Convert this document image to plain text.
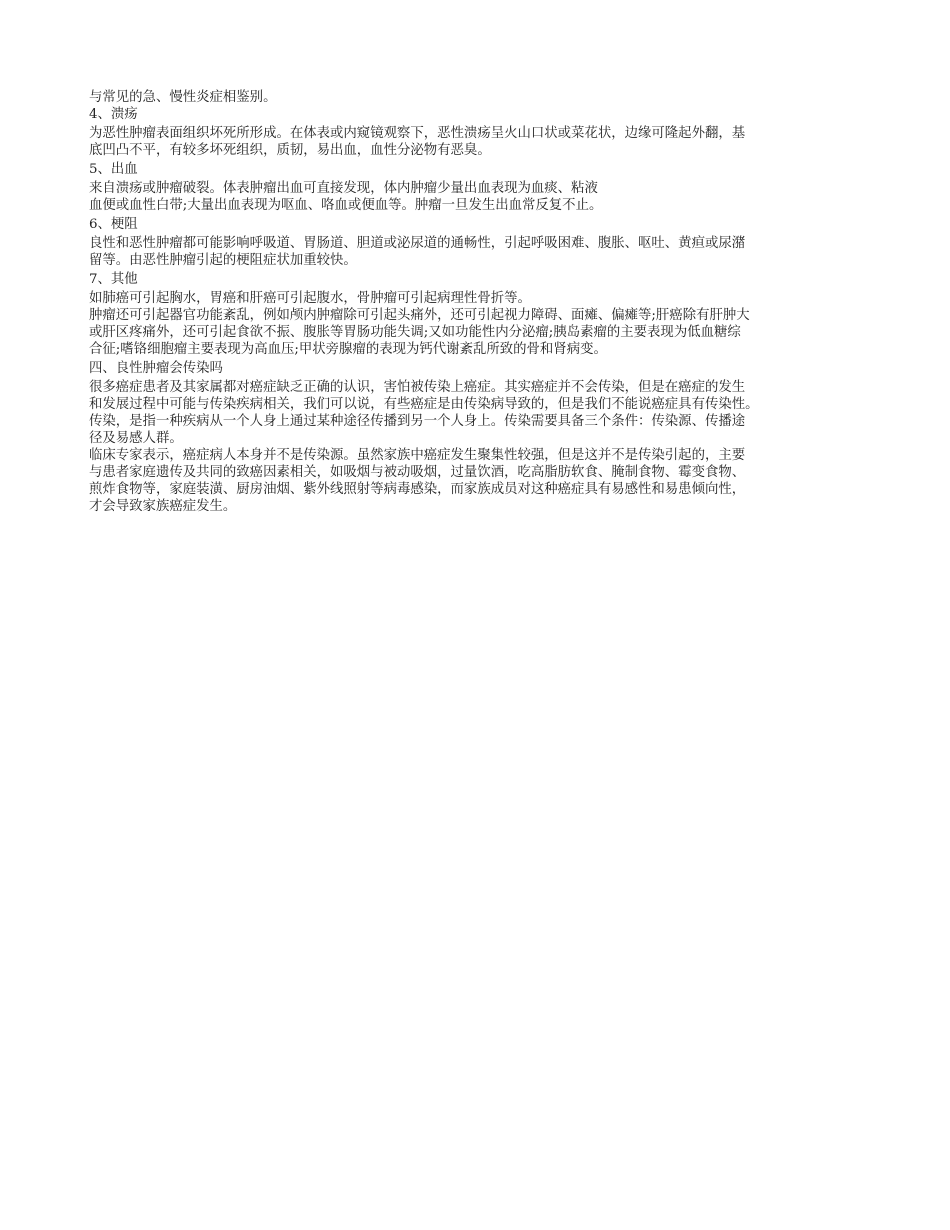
与常见的急、慢性炎症相鉴别。
4、溃疡
为恶性肿瘤表面组织坏死所形成。在体表或内窥镜观察下，恶性溃疡呈火山口状或菜花状，边缘可隆起外翻，基
底凹凸不平，有较多坏死组织，质韧，易出血，血性分泌物有恶臭。
5、出血
来自溃疡或肿瘤破裂。体表肿瘤出血可直接发现，体内肿瘤少量出血表现为血痰、粘液
血便或血性白带;大量出血表现为呕血、咯血或便血等。肿瘤一旦发生出血常反复不止。
6、梗阻
良性和恶性肿瘤都可能影响呼吸道、胃肠道、胆道或泌尿道的通畅性，引起呼吸困难、腹胀、呕吐、黄疸或尿潴
留等。由恶性肿瘤引起的梗阻症状加重较快。
7、其他
如肺癌可引起胸水，胃癌和肝癌可引起腹水，骨肿瘤可引起病理性骨折等。
肿瘤还可引起器官功能紊乱，例如颅内肿瘤除可引起头痛外，还可引起视力障碍、面瘫、偏瘫等;肝癌除有肝肿大
或肝区疼痛外，还可引起食欲不振、腹胀等胃肠功能失调;又如功能性内分泌瘤;胰岛素瘤的主要表现为低血糖综
合征;嗜铬细胞瘤主要表现为高血压;甲状旁腺瘤的表现为钙代谢紊乱所致的骨和肾病变。
四、良性肿瘤会传染吗
很多癌症患者及其家属都对癌症缺乏正确的认识，害怕被传染上癌症。其实癌症并不会传染，但是在癌症的发生
和发展过程中可能与传染疾病相关，我们可以说，有些癌症是由传染病导致的，但是我们不能说癌症具有传染性。
传染，是指一种疾病从一个人身上通过某种途径传播到另一个人身上。传染需要具备三个条件：传染源、传播途
径及易感人群。
临床专家表示，癌症病人本身并不是传染源。虽然家族中癌症发生聚集性较强，但是这并不是传染引起的，主要
与患者家庭遗传及共同的致癌因素相关，如吸烟与被动吸烟，过量饮酒，吃高脂肪软食、腌制食物、霉变食物、
煎炸食物等，家庭装潢、厨房油烟、紫外线照射等病毒感染，而家族成员对这种癌症具有易感性和易患倾向性，
才会导致家族癌症发生。
